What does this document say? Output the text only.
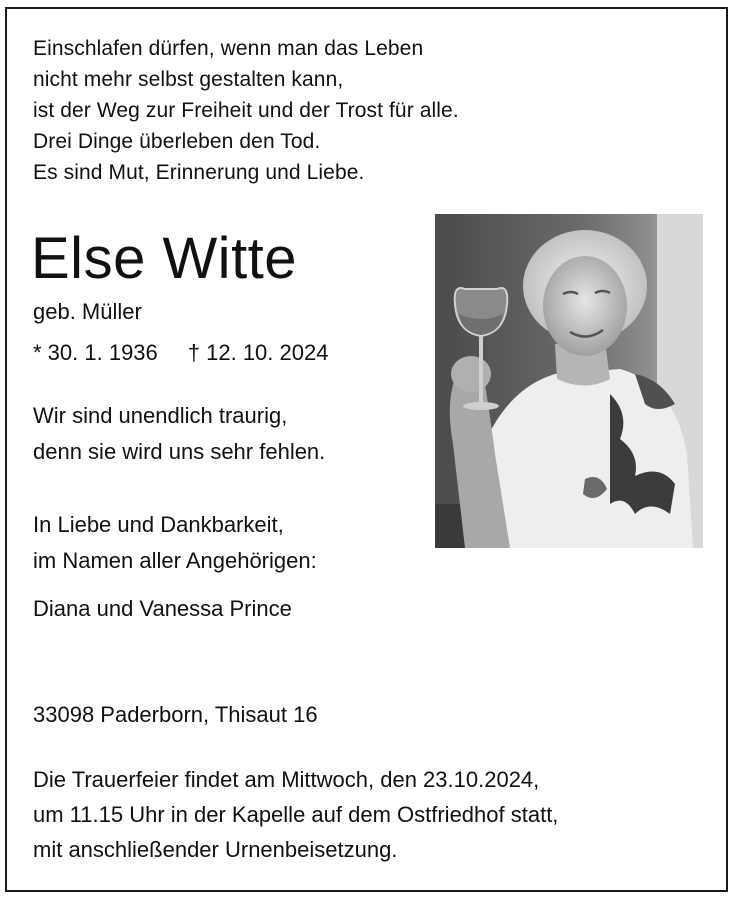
Einschlafen dürfen, wenn man das Leben
nicht mehr selbst gestalten kann,
ist der Weg zur Freiheit und der Trost für alle.
Drei Dinge überleben den Tod.
Es sind Mut, Erinnerung und Liebe.
Else Witte
geb. Müller
* 30. 1. 1936 † 12. 10. 2024
Wir sind unendlich traurig,
denn sie wird uns sehr fehlen.
In Liebe und Dankbarkeit,
im Namen aller Angehörigen:
Diana und Vanessa Prince
33098 Paderborn, Thisaut 16
Die Trauerfeier findet am Mittwoch, den 23.10.2024,
um 11.15 Uhr in der Kapelle auf dem Ostfriedhof statt,
mit anschließender Urnenbeisetzung.
